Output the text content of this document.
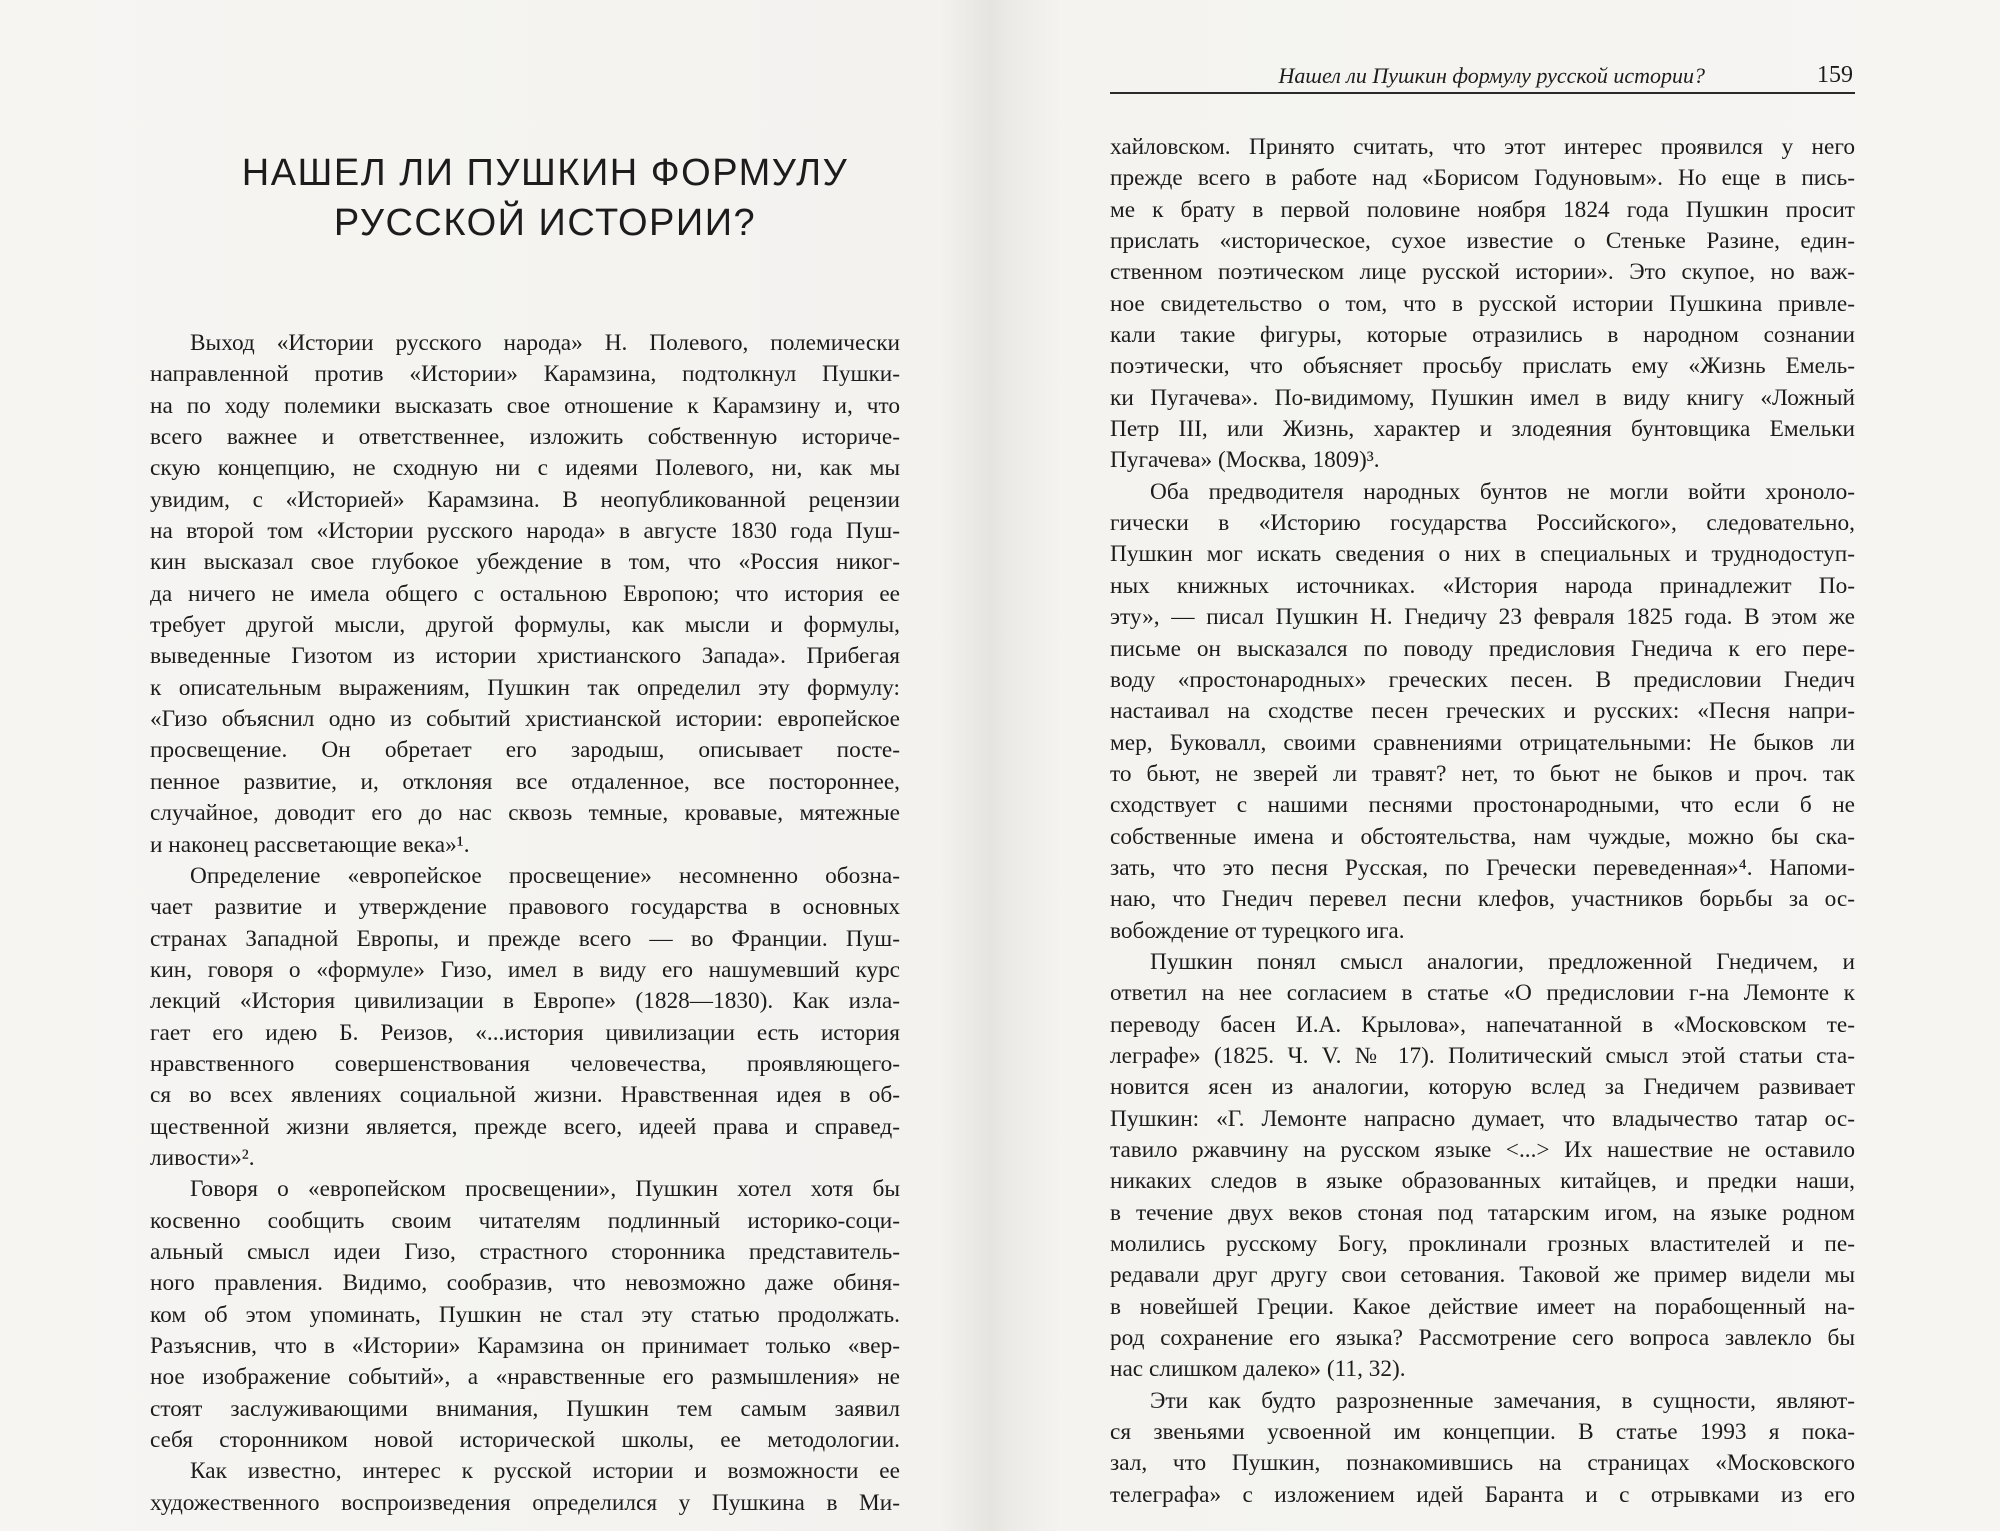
НАШЕЛ ЛИ ПУШКИН ФОРМУЛУ
РУССКОЙ ИСТОРИИ?
Выход «Истории русского народа» Н. Полевого, полемически
направленной против «Истории» Карамзина, подтолкнул Пушки-
на по ходу полемики высказать свое отношение к Карамзину и, что
всего важнее и ответственнее, изложить собственную историче-
скую концепцию, не сходную ни с идеями Полевого, ни, как мы
увидим, с «Историей» Карамзина. В неопубликованной рецензии
на второй том «Истории русского народа» в августе 1830 года Пуш-
кин высказал свое глубокое убеждение в том, что «Россия никог-
да ничего не имела общего с остальною Европою; что история ее
требует другой мысли, другой формулы, как мысли и формулы,
выведенные Гизотом из истории христианского Запада». Прибегая
к описательным выражениям, Пушкин так определил эту формулу:
«Гизо объяснил одно из событий христианской истории: европейское
просвещение. Он обретает его зародыш, описывает посте-
пенное развитие, и, отклоняя все отдаленное, все постороннее,
случайное, доводит его до нас сквозь темные, кровавые, мятежные
и наконец рассветающие века»¹.
Определение «европейское просвещение» несомненно обозна-
чает развитие и утверждение правового государства в основных
странах Западной Европы, и прежде всего — во Франции. Пуш-
кин, говоря о «формуле» Гизо, имел в виду его нашумевший курс
лекций «История цивилизации в Европе» (1828—1830). Как изла-
гает его идею Б. Реизов, «...история цивилизации есть история
нравственного совершенствования человечества, проявляющего-
ся во всех явлениях социальной жизни. Нравственная идея в об-
щественной жизни является, прежде всего, идеей права и справед-
ливости»².
Говоря о «европейском просвещении», Пушкин хотел хотя бы
косвенно сообщить своим читателям подлинный историко-соци-
альный смысл идеи Гизо, страстного сторонника представитель-
ного правления. Видимо, сообразив, что невозможно даже обиня-
ком об этом упоминать, Пушкин не стал эту статью продолжать.
Разъяснив, что в «Истории» Карамзина он принимает только «вер-
ное изображение событий», а «нравственные его размышления» не
стоят заслуживающими внимания, Пушкин тем самым заявил
себя сторонником новой исторической школы, ее методологии.
Как известно, интерес к русской истории и возможности ее
художественного воспроизведения определился у Пушкина в Ми-
Нашел ли Пушкин формулу русской истории?	159
хайловском. Принято считать, что этот интерес проявился у него
прежде всего в работе над «Борисом Годуновым». Но еще в пись-
ме к брату в первой половине ноября 1824 года Пушкин просит
прислать «историческое, сухое известие о Стеньке Разине, един-
ственном поэтическом лице русской истории». Это скупое, но важ-
ное свидетельство о том, что в русской истории Пушкина привле-
кали такие фигуры, которые отразились в народном сознании
поэтически, что объясняет просьбу прислать ему «Жизнь Емель-
ки Пугачева». По-видимому, Пушкин имел в виду книгу «Ложный
Петр III, или Жизнь, характер и злодеяния бунтовщика Емельки
Пугачева» (Москва, 1809)³.
Оба предводителя народных бунтов не могли войти хроноло-
гически в «Историю государства Российского», следовательно,
Пушкин мог искать сведения о них в специальных и труднодоступ-
ных книжных источниках. «История народа принадлежит По-
эту», — писал Пушкин Н. Гнедичу 23 февраля 1825 года. В этом же
письме он высказался по поводу предисловия Гнедича к его пере-
воду «простонародных» греческих песен. В предисловии Гнедич
настаивал на сходстве песен греческих и русских: «Песня напри-
мер, Буковалл, своими сравнениями отрицательными: Не быков ли
то бьют, не зверей ли травят? нет, то бьют не быков и проч. так
сходствует с нашими песнями простонародными, что если б не
собственные имена и обстоятельства, нам чуждые, можно бы ска-
зать, что это песня Русская, по Гречески переведенная»⁴. Напоми-
наю, что Гнедич перевел песни клефов, участников борьбы за ос-
вобождение от турецкого ига.
Пушкин понял смысл аналогии, предложенной Гнедичем, и
ответил на нее согласием в статье «О предисловии г-на Лемонте к
переводу басен И.А. Крылова», напечатанной в «Московском те-
леграфе» (1825. Ч. V. № 17). Политический смысл этой статьи ста-
новится ясен из аналогии, которую вслед за Гнедичем развивает
Пушкин: «Г. Лемонте напрасно думает, что владычество татар ос-
тавило ржавчину на русском языке <...> Их нашествие не оставило
никаких следов в языке образованных китайцев, и предки наши,
в течение двух веков стоная под татарским игом, на языке родном
молились русскому Богу, проклинали грозных властителей и пе-
редавали друг другу свои сетования. Таковой же пример видели мы
в новейшей Греции. Какое действие имеет на порабощенный на-
род сохранение его языка? Рассмотрение сего вопроса завлекло бы
нас слишком далеко» (11, 32).
Эти как будто разрозненные замечания, в сущности, являют-
ся звеньями усвоенной им концепции. В статье 1993 я пока-
зал, что Пушкин, познакомившись на страницах «Московского
телеграфа» с изложением идей Баранта и с отрывками из его
